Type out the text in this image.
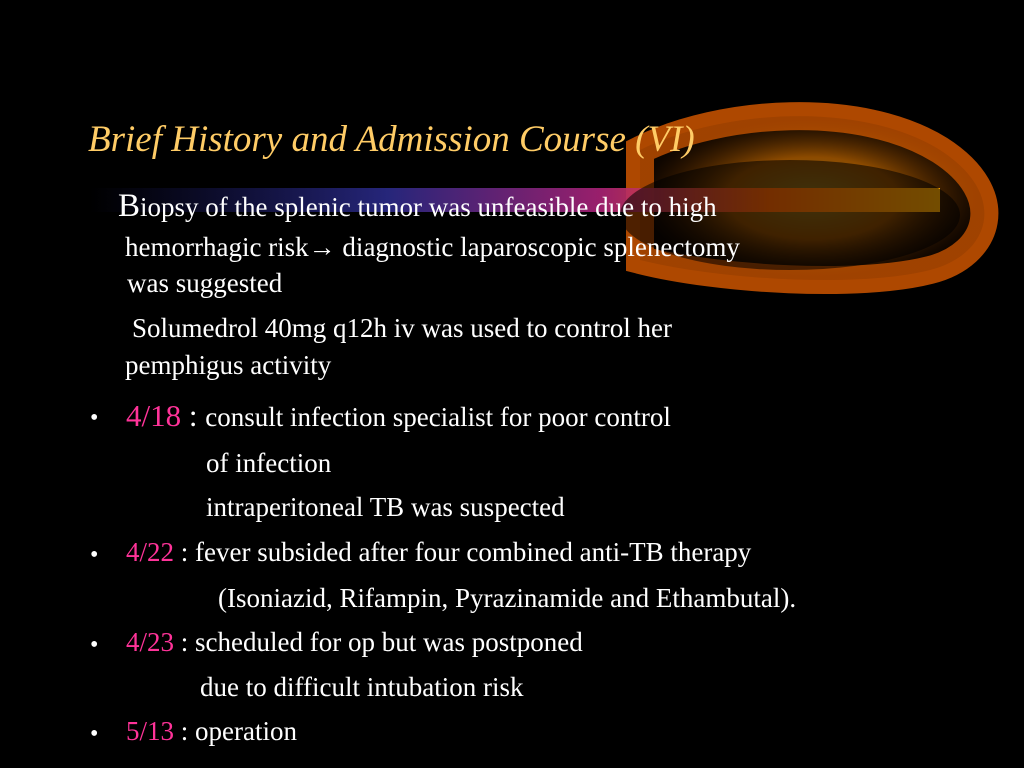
Brief History and Admission Course (VI)
Biopsy of the splenic tumor was unfeasible due to high
hemorrhagic risk→ diagnostic laparoscopic splenectomy
was suggested
Solumedrol 40mg q12h iv was used to control her
pemphigus activity
• 4/18 : consult infection specialist for poor control
of infection
intraperitoneal TB was suspected
• 4/22 : fever subsided after four combined anti-TB therapy
(Isoniazid, Rifampin, Pyrazinamide and Ethambutal).
• 4/23 : scheduled for op but was postponed
due to difficult intubation risk
• 5/13 : operation
